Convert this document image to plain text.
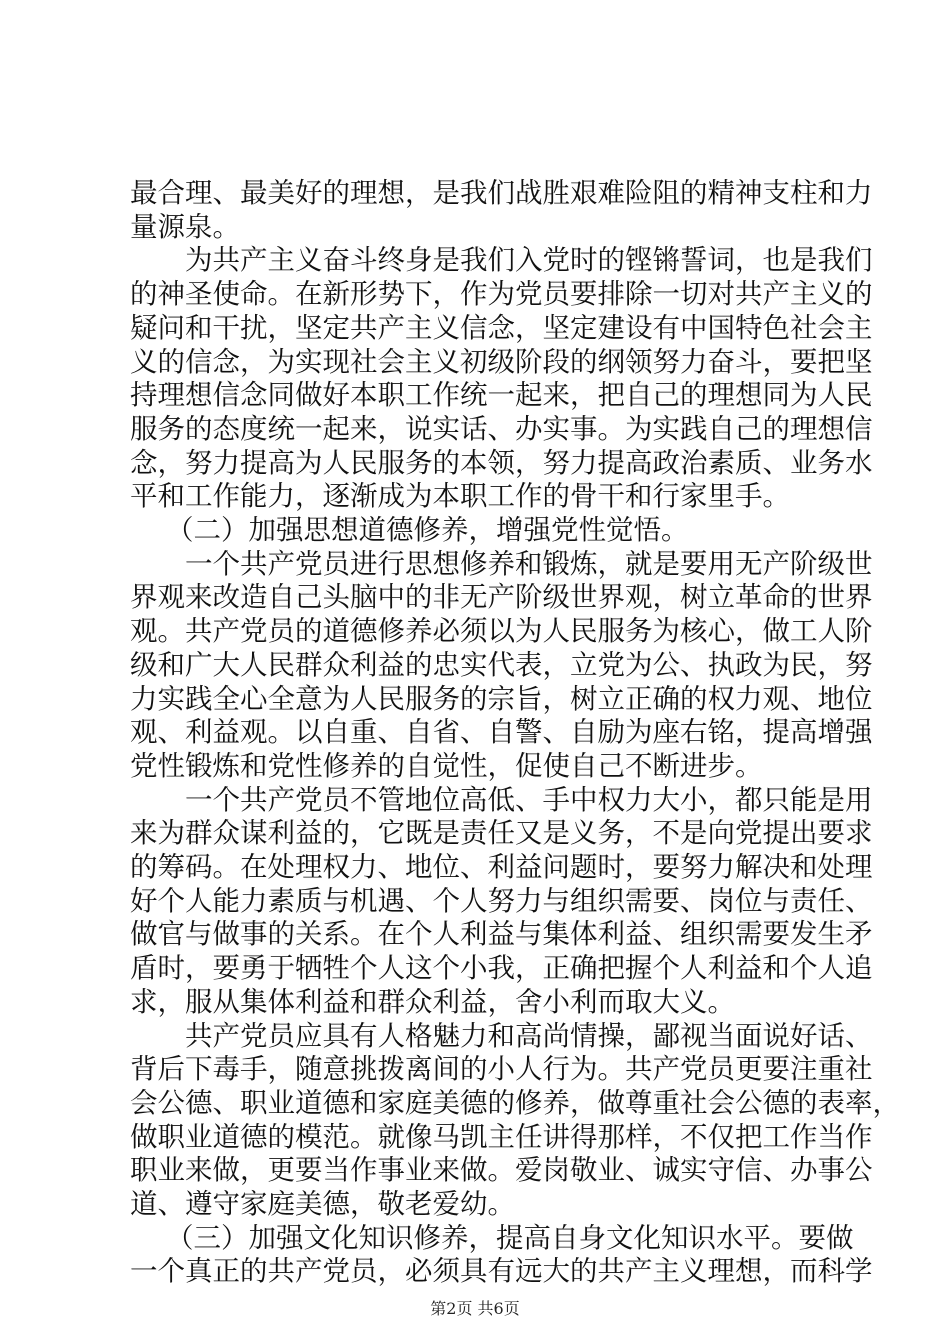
最合理、最美好的理想，是我们战胜艰难险阻的精神支柱和力
量源泉。
为共产主义奋斗终身是我们入党时的铿锵誓词，也是我们
的神圣使命。在新形势下，作为党员要排除一切对共产主义的
疑问和干扰，坚定共产主义信念，坚定建设有中国特色社会主
义的信念，为实现社会主义初级阶段的纲领努力奋斗，要把坚
持理想信念同做好本职工作统一起来，把自己的理想同为人民
服务的态度统一起来，说实话、办实事。为实践自己的理想信
念，努力提高为人民服务的本领，努力提高政治素质、业务水
平和工作能力，逐渐成为本职工作的骨干和行家里手。
（二）加强思想道德修养，增强党性觉悟。
一个共产党员进行思想修养和锻炼，就是要用无产阶级世
界观来改造自己头脑中的非无产阶级世界观，树立革命的世界
观。共产党员的道德修养必须以为人民服务为核心，做工人阶
级和广大人民群众利益的忠实代表，立党为公、执政为民，努
力实践全心全意为人民服务的宗旨，树立正确的权力观、地位
观、利益观。以自重、自省、自警、自励为座右铭，提高增强
党性锻炼和党性修养的自觉性，促使自己不断进步。
一个共产党员不管地位高低、手中权力大小，都只能是用
来为群众谋利益的，它既是责任又是义务，不是向党提出要求
的筹码。在处理权力、地位、利益问题时，要努力解决和处理
好个人能力素质与机遇、个人努力与组织需要、岗位与责任、
做官与做事的关系。在个人利益与集体利益、组织需要发生矛
盾时，要勇于牺牲个人这个小我，正确把握个人利益和个人追
求，服从集体利益和群众利益，舍小利而取大义。
共产党员应具有人格魅力和高尚情操，鄙视当面说好话、
背后下毒手，随意挑拨离间的小人行为。共产党员更要注重社
会公德、职业道德和家庭美德的修养，做尊重社会公德的表率，
做职业道德的模范。就像马凯主任讲得那样，不仅把工作当作
职业来做，更要当作事业来做。爱岗敬业、诚实守信、办事公
道、遵守家庭美德，敬老爱幼。
（三）加强文化知识修养，提高自身文化知识水平。要做
一个真正的共产党员，必须具有远大的共产主义理想，而科学
第2页 共6页
